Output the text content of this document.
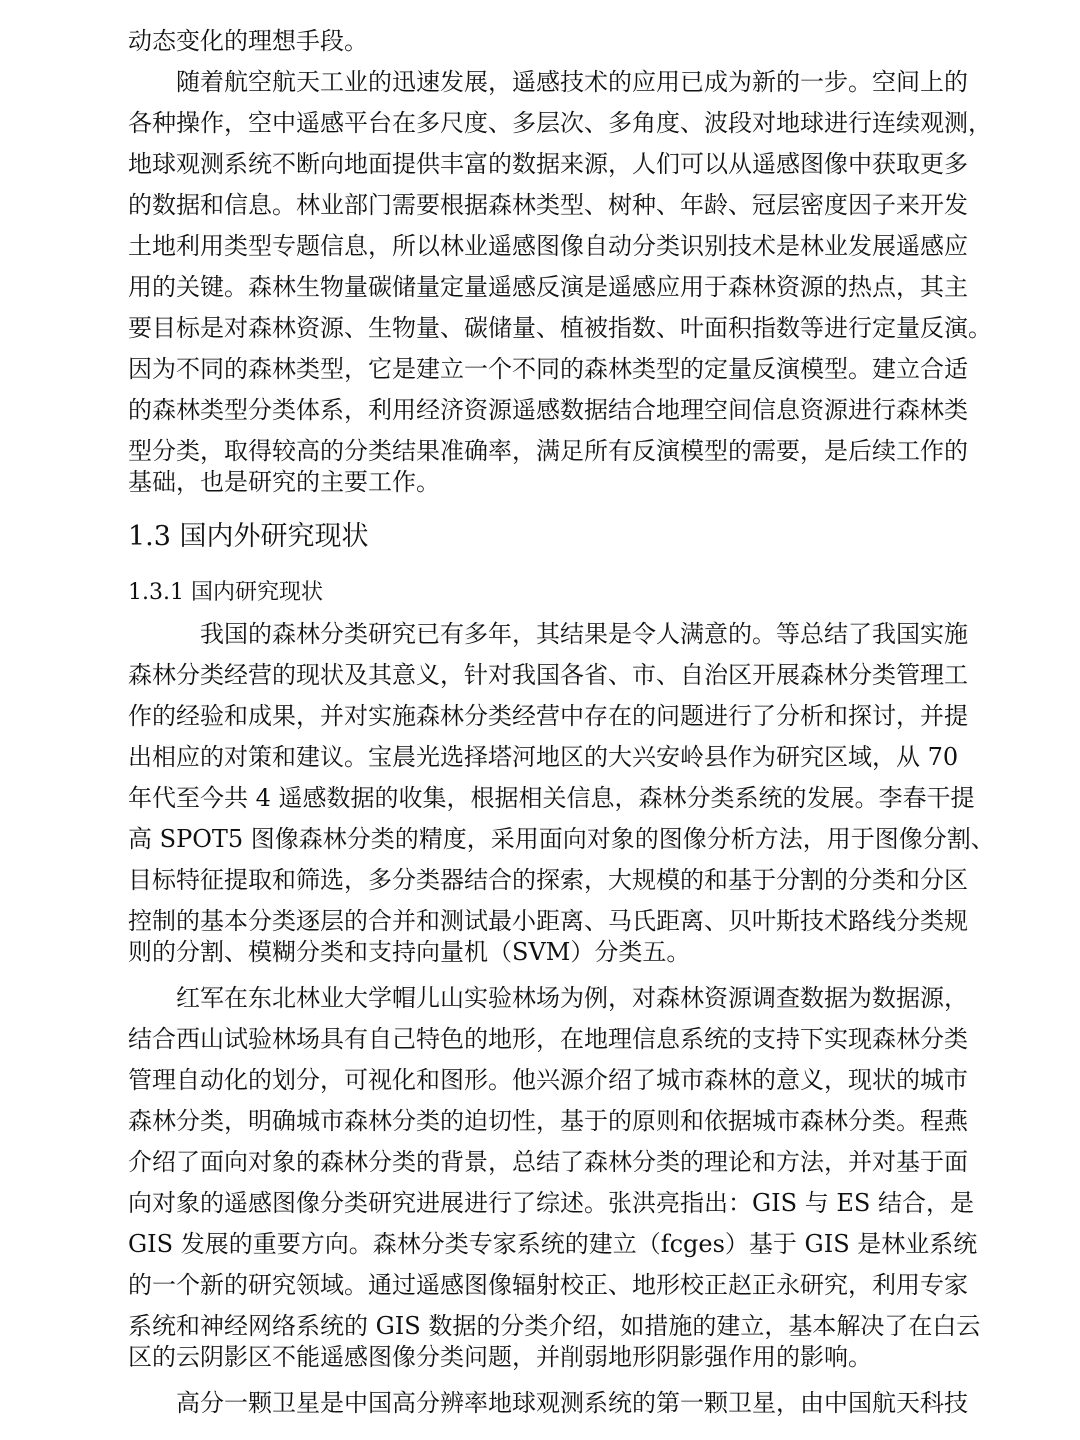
动态变化的理想手段。
随着航空航天工业的迅速发展，遥感技术的应用已成为新的一步。空间上的
各种操作，空中遥感平台在多尺度、多层次、多角度、波段对地球进行连续观测，
地球观测系统不断向地面提供丰富的数据来源，人们可以从遥感图像中获取更多
的数据和信息。林业部门需要根据森林类型、树种、年龄、冠层密度因子来开发
土地利用类型专题信息，所以林业遥感图像自动分类识别技术是林业发展遥感应
用的关键。森林生物量碳储量定量遥感反演是遥感应用于森林资源的热点，其主
要目标是对森林资源、生物量、碳储量、植被指数、叶面积指数等进行定量反演。
因为不同的森林类型，它是建立一个不同的森林类型的定量反演模型。建立合适
的森林类型分类体系，利用经济资源遥感数据结合地理空间信息资源进行森林类
型分类，取得较高的分类结果准确率，满足所有反演模型的需要，是后续工作的
基础，也是研究的主要工作。
1.3 国内外研究现状
1.3.1 国内研究现状
我国的森林分类研究已有多年，其结果是令人满意的。等总结了我国实施
森林分类经营的现状及其意义，针对我国各省、市、自治区开展森林分类管理工
作的经验和成果，并对实施森林分类经营中存在的问题进行了分析和探讨，并提
出相应的对策和建议。宝晨光选择塔河地区的大兴安岭县作为研究区域，从 70
年代至今共 4 遥感数据的收集，根据相关信息，森林分类系统的发展。李春干提
高 SPOT5 图像森林分类的精度，采用面向对象的图像分析方法，用于图像分割、
目标特征提取和筛选，多分类器结合的探索，大规模的和基于分割的分类和分区
控制的基本分类逐层的合并和测试最小距离、马氏距离、贝叶斯技术路线分类规
则的分割、模糊分类和支持向量机（SVM）分类五。
红军在东北林业大学帽儿山实验林场为例，对森林资源调查数据为数据源，
结合西山试验林场具有自己特色的地形，在地理信息系统的支持下实现森林分类
管理自动化的划分，可视化和图形。他兴源介绍了城市森林的意义，现状的城市
森林分类，明确城市森林分类的迫切性，基于的原则和依据城市森林分类。程燕
介绍了面向对象的森林分类的背景，总结了森林分类的理论和方法，并对基于面
向对象的遥感图像分类研究进展进行了综述。张洪亮指出：GIS 与 ES 结合，是
GIS 发展的重要方向。森林分类专家系统的建立（fcges）基于 GIS 是林业系统
的一个新的研究领域。通过遥感图像辐射校正、地形校正赵正永研究，利用专家
系统和神经网络系统的 GIS 数据的分类介绍，如措施的建立，基本解决了在白云
区的云阴影区不能遥感图像分类问题，并削弱地形阴影强作用的影响。
高分一颗卫星是中国高分辨率地球观测系统的第一颗卫星，由中国航天科技
